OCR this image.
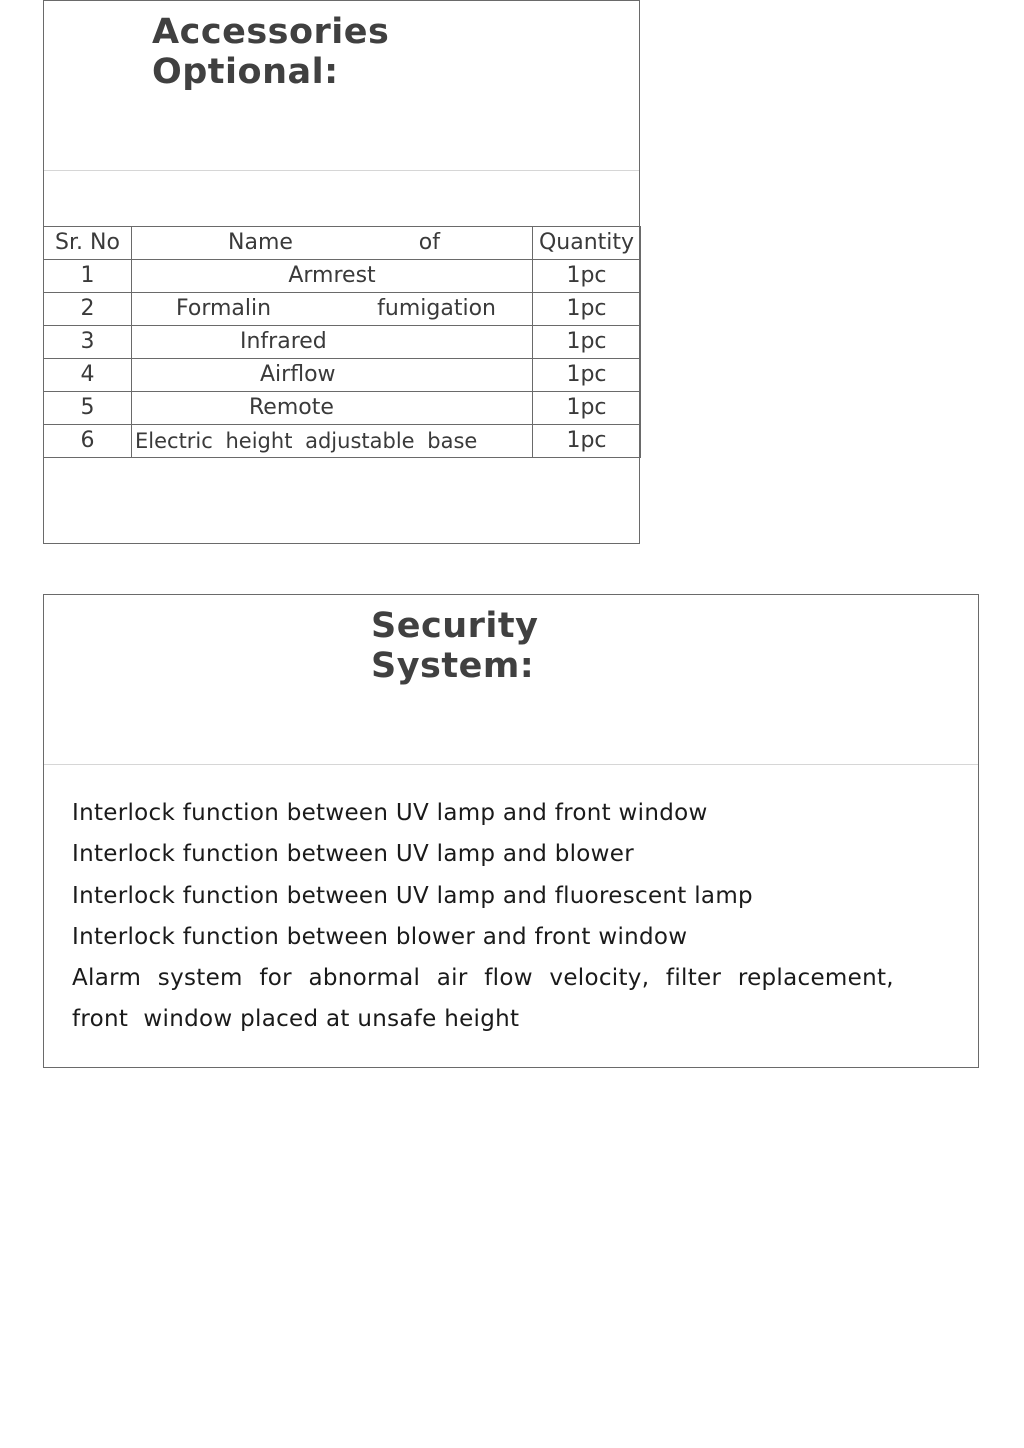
Sr. No	Name of	Quantity
1	Armrest	1pc
2	Formalin fumigation	1pc
3	Infrared	1pc
4	Airflow	1pc
5	Remote	1pc
6	Electric height adjustable base	1pc
Accessories
Optional:
Interlock function between UV lamp and front window
Interlock function between UV lamp and blower
Interlock function between UV lamp and fluorescent lamp
Interlock function between blower and front window
Alarm system for abnormal air flow velocity, filter replacement,
front  window placed at unsafe height
Security
System:
